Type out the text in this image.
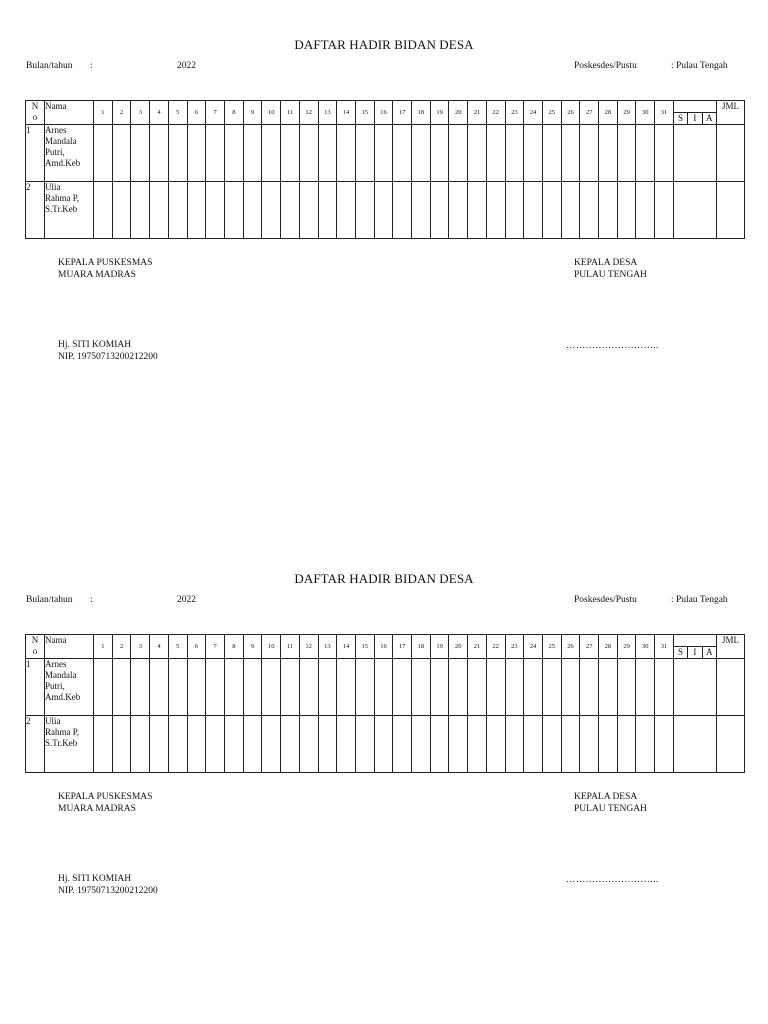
DAFTAR HADIR BIDAN DESA
Bulan/tahun :	2022	Poskesdes/Pustu	: Pulau Tengah
N
o	Nama	1	2	3	4	5	6	7	8	9	10	11	12	13	14	15	16	17	18	19	20	21	22	23	24	25	26	27	28	29	30	31	S I A	JML
1	Arnes
Mandala
Putri,
Amd.Keb																																	

2	Ulia
Rahma P,
S.Tr.Keb																																	

KEPALA PUSKESMAS
MUARA MADRAS
KEPALA DESA
PULAU TENGAH
Hj. SITI KOMIAH
NIP. 19750713200212200
………………………..
DAFTAR HADIR BIDAN DESA
Bulan/tahun :	2022	Poskesdes/Pustu	: Pulau Tengah
N
o	Nama	1	2	3	4	5	6	7	8	9	10	11	12	13	14	15	16	17	18	19	20	21	22	23	24	25	26	27	28	29	30	31	S I A	JML
1	Arnes
Mandala
Putri,
Amd.Keb																																	

2	Ulia
Rahma P,
S.Tr.Keb																																	

KEPALA PUSKESMAS
MUARA MADRAS
KEPALA DESA
PULAU TENGAH
Hj. SITI KOMIAH
NIP. 19750713200212200
………………………..
